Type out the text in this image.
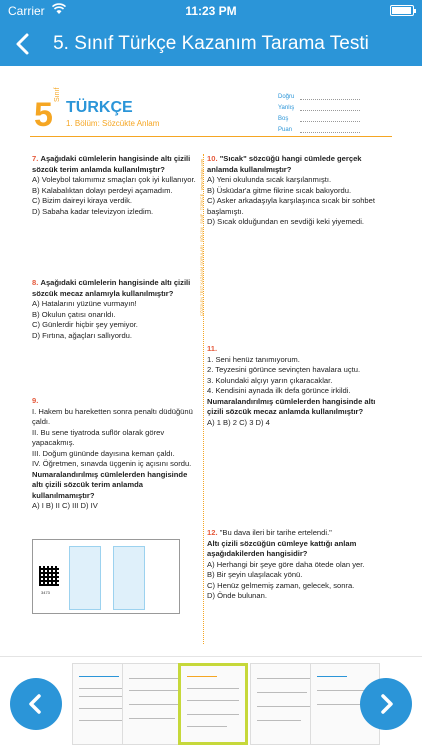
Carrier	11:23 PM
5. Sınıf Türkçe Kazanım Tarama Testi
5
Sınıf
TÜRKÇE
1. Bölüm: Sözcükte Anlam
Doğru
Yanlış
Boş
Puan
ÇÖZÜLEN TEST KAZANIM SORULARI · BÖLÜM · SINIF · TÜRKÇE · www.dersigo.com
7. Aşağıdaki cümlelerin hangisinde altı çizili sözcük terim anlamda kullanılmıştır?
A) Voleybol takımımız smaçları çok iyi kullanıyor.
B) Kalabalıktan dolayı perdeyi açamadım.
C) Bizim daireyi kiraya verdik.
D) Sabaha kadar televizyon izledim.
8. Aşağıdaki cümlelerin hangisinde altı çizili sözcük mecaz anlamıyla kullanılmıştır?
A) Hatalarını yüzüne vurmayın!
B) Okulun çatısı onarıldı.
C) Günlerdir hiçbir şey yemiyor.
D) Fırtına, ağaçları sallıyordu.
9.
I. Hakem bu hareketten sonra penaltı düdüğünü çaldı.
II. Bu sene tiyatroda suflör olarak görev yapacakmış.
III. Doğum gününde dayısına keman çaldı.
IV. Öğretmen, sınavda üçgenin iç açısını sordu.
Numaralandırılmış cümlelerden hangisinde altı çizili sözcük terim anlamda kullanılmamıştır?
A) I B) II C) III D) IV
3473
10. "Sıcak" sözcüğü hangi cümlede gerçek anlamda kullanılmıştır?
A) Yeni okulunda sıcak karşılanmıştı.
B) Üsküdar'a gitme fikrine sıcak bakıyordu.
C) Asker arkadaşıyla karşılaşınca sıcak bir sohbet başlamıştı.
D) Sıcak olduğundan en sevdiği keki yiyemedi.
11.
1. Seni henüz tanımıyorum.
2. Teyzesini görünce sevinçten havalara uçtu.
3. Kolundaki alçıyı yarın çıkaracaklar.
4. Kendisini aynada ilk defa görünce irkildi.
Numaralandırılmış cümlelerden hangisinde altı çizili sözcük mecaz anlamda kullanılmıştır?
A) 1 B) 2 C) 3 D) 4
12. "Bu dava ileri bir tarihe ertelendi."
Altı çizili sözcüğün cümleye kattığı anlam aşağıdakilerden hangisidir?
A) Herhangi bir şeye göre daha ötede olan yer.
B) Bir şeyin ulaşılacak yönü.
C) Henüz gelmemiş zaman, gelecek, sonra.
D) Önde bulunan.
